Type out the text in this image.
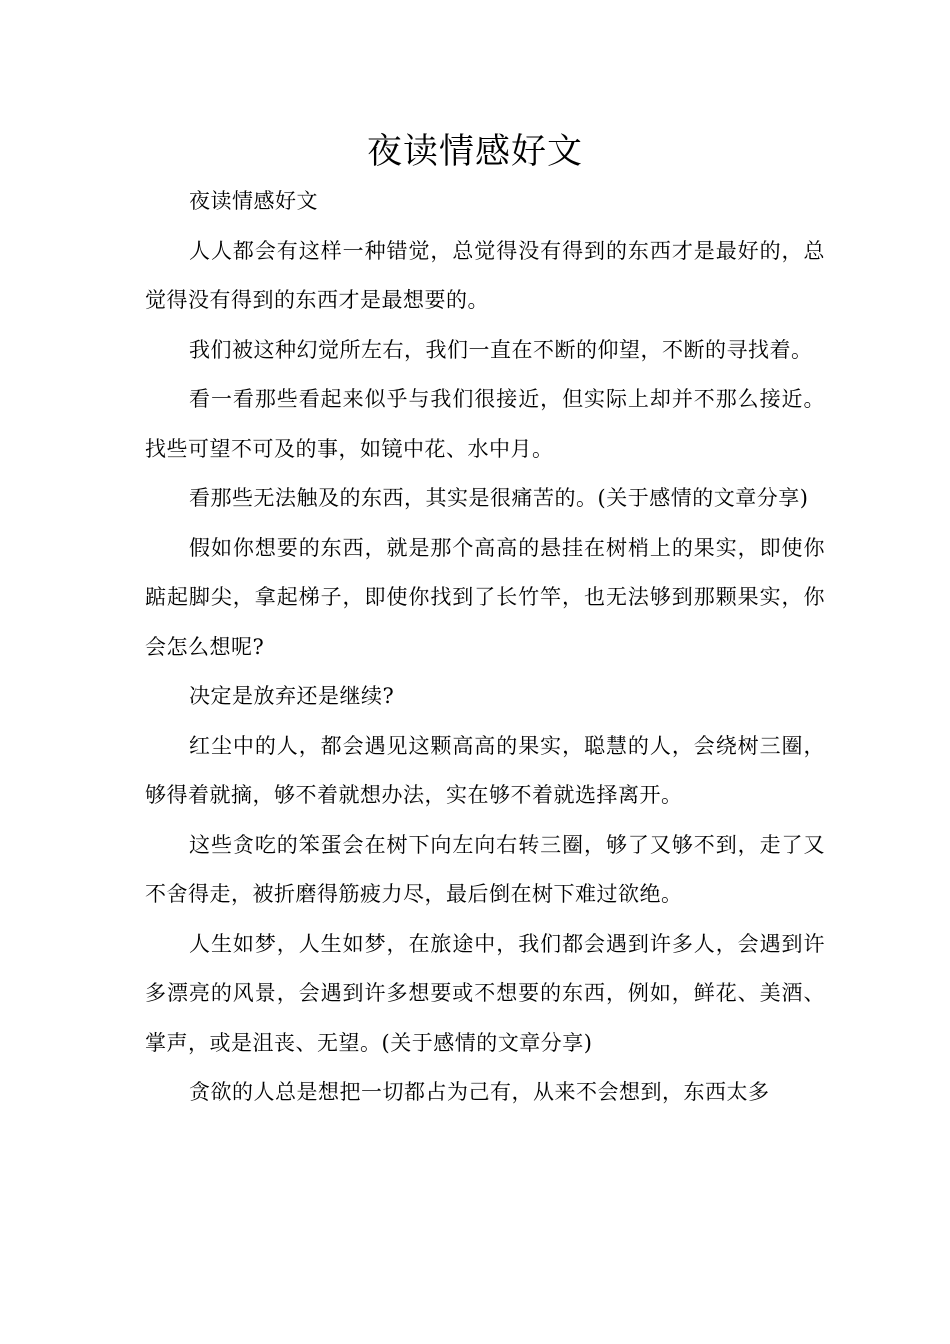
夜读情感好文

夜读情感好文

人人都会有这样一种错觉，总觉得没有得到的东西才是最好的，总觉得没有得到的东西才是最想要的。

我们被这种幻觉所左右，我们一直在不断的仰望，不断的寻找着。

看一看那些看起来似乎与我们很接近，但实际上却并不那么接近。找些可望不可及的事，如镜中花、水中月。

看那些无法触及的东西，其实是很痛苦的。(关于感情的文章分享)

假如你想要的东西，就是那个高高的悬挂在树梢上的果实，即使你踮起脚尖，拿起梯子，即使你找到了长竹竿，也无法够到那颗果实，你会怎么想呢?

决定是放弃还是继续?

红尘中的人，都会遇见这颗高高的果实，聪慧的人，会绕树三圈，够得着就摘，够不着就想办法，实在够不着就选择离开。

这些贪吃的笨蛋会在树下向左向右转三圈，够了又够不到，走了又不舍得走，被折磨得筋疲力尽，最后倒在树下难过欲绝。

人生如梦，人生如梦，在旅途中，我们都会遇到许多人，会遇到许多漂亮的风景，会遇到许多想要或不想要的东西，例如，鲜花、美酒、掌声，或是沮丧、无望。(关于感情的文章分享)

贪欲的人总是想把一切都占为己有，从来不会想到，东西太多
